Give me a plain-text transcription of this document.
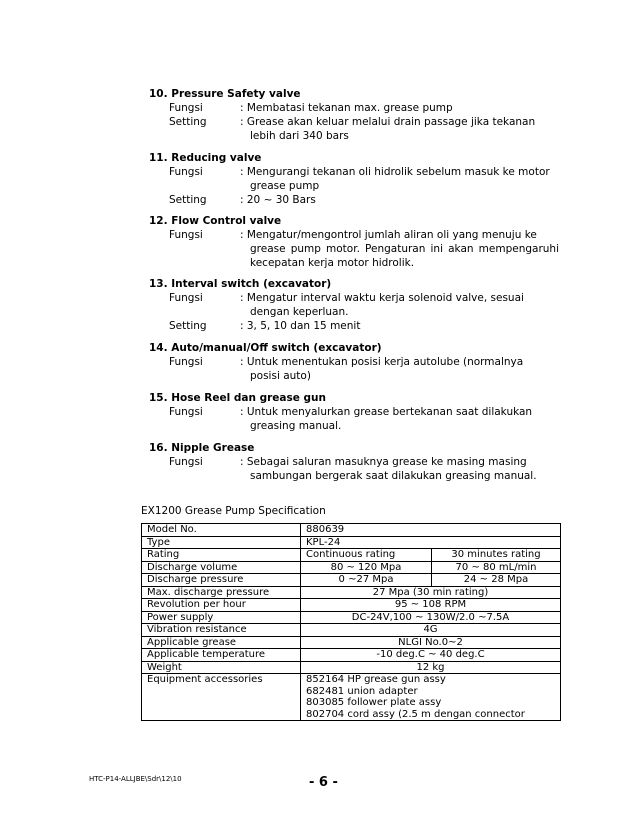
10. Pressure Safety valve
Fungsi	: Membatasi tekanan max. grease pump
Setting	: Grease akan keluar melalui drain passage jika tekanan
lebih dari 340 bars
11. Reducing valve
Fungsi	: Mengurangi tekanan oli hidrolik sebelum masuk ke motor
grease pump
Setting	: 20 ~ 30 Bars
12. Flow Control valve
Fungsi	: Mengatur/mengontrol jumlah aliran oli yang menuju ke
grease pump motor. Pengaturan ini akan mempengaruhi kecepatan kerja motor hidrolik.
13. Interval switch (excavator)
Fungsi	: Mengatur interval waktu kerja solenoid valve, sesuai
dengan keperluan.
Setting	: 3, 5, 10 dan 15 menit
14. Auto/manual/Off switch (excavator)
Fungsi	: Untuk menentukan posisi kerja autolube (normalnya
posisi auto)
15. Hose Reel dan grease gun
Fungsi	: Untuk menyalurkan grease bertekanan saat dilakukan
greasing manual.
16. Nipple Grease
Fungsi	: Sebagai saluran masuknya grease ke masing masing
sambungan bergerak saat dilakukan greasing manual.
EX1200 Grease Pump Specification
Model No.	880639	
Type	KPL-24	
Rating	Continuous rating	30 minutes rating
Discharge volume	80 ~ 120 Mpa	70 ~ 80 mL/min
Discharge pressure	0 ~27 Mpa	24 ~ 28 Mpa
Max. discharge pressure	27 Mpa (30 min rating)	
Revolution per hour	95 ~ 108 RPM	
Power supply	DC-24V,100 ~ 130W/2.0 ~7.5A	
Vibration resistance	4G	
Applicable grease	NLGI No.0~2	
Applicable temperature	-10 deg.C ~ 40 deg.C	
Weight	12 kg	
Equipment accessories	852164 HP grease gun assy
682481 union adapter
803085 follower plate assy
802704 cord assy (2.5 m dengan connector	
HTC-P14-ALLJBE\Sdr\12\10	- 6 -
